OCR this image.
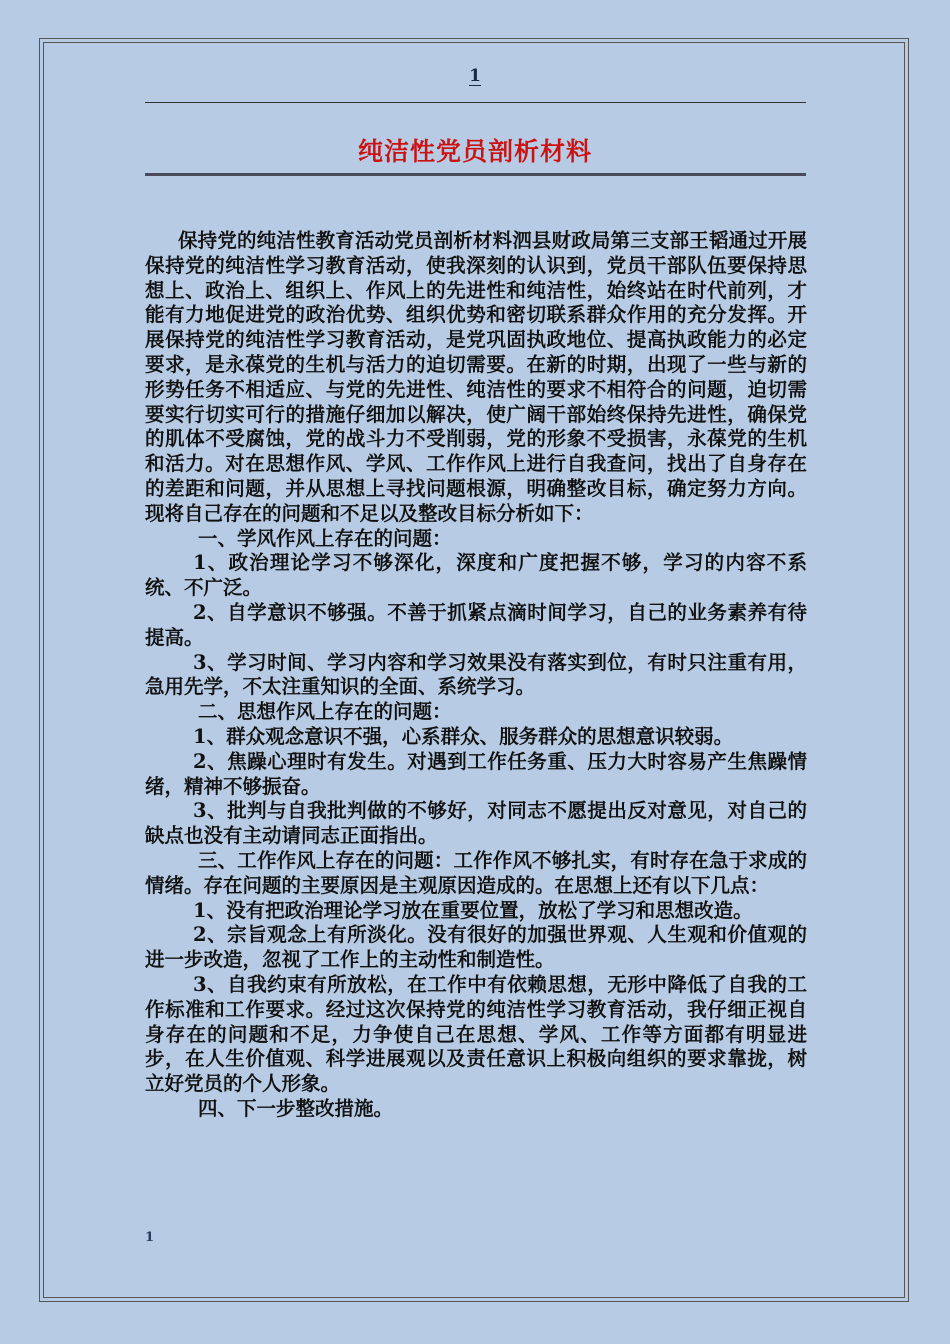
1
纯洁性党员剖析材料

保持党的纯洁性教育活动党员剖析材料泗县财政局第三支部王韬通过开展保持党的纯洁性学习教育活动，使我深刻的认识到，党员干部队伍要保持思想上、政治上、组织上、作风上的先进性和纯洁性，始终站在时代前列，才能有力地促进党的政治优势、组织优势和密切联系群众作用的充分发挥。开展保持党的纯洁性学习教育活动，是党巩固执政地位、提高执政能力的必定要求，是永葆党的生机与活力的迫切需要。在新的时期，出现了一些与新的形势任务不相适应、与党的先进性、纯洁性的要求不相符合的问题，迫切需要实行切实可行的措施仔细加以解决，使广阔干部始终保持先进性，确保党的肌体不受腐蚀，党的战斗力不受削弱，党的形象不受损害，永葆党的生机和活力。对在思想作风、学风、工作作风上进行自我查问，找出了自身存在的差距和问题，并从思想上寻找问题根源，明确整改目标，确定努力方向。 现将自己存在的问题和不足以及整改目标分析如下：

一、学风作风上存在的问题：

1、政治理论学习不够深化，深度和广度把握不够，学习的内容不系统、不广泛。

2、自学意识不够强。不善于抓紧点滴时间学习，自己的业务素养有待提高。

3、学习时间、学习内容和学习效果没有落实到位，有时只注重有用，急用先学，不太注重知识的全面、系统学习。

二、思想作风上存在的问题：

1、群众观念意识不强，心系群众、服务群众的思想意识较弱。

2、焦躁心理时有发生。对遇到工作任务重、压力大时容易产生焦躁情绪，精神不够振奋。

3、批判与自我批判做的不够好，对同志不愿提出反对意见，对自己的缺点也没有主动请同志正面指出。

三、工作作风上存在的问题：工作作风不够扎实，有时存在急于求成的情绪。存在问题的主要原因是主观原因造成的。在思想上还有以下几点：

1、没有把政治理论学习放在重要位置，放松了学习和思想改造。

2、宗旨观念上有所淡化。没有很好的加强世界观、人生观和价值观的进一步改造，忽视了工作上的主动性和制造性。

3、自我约束有所放松，在工作中有依赖思想，无形中降低了自我的工作标准和工作要求。经过这次保持党的纯洁性学习教育活动，我仔细正视自身存在的问题和不足，力争使自己在思想、学风、工作等方面都有明显进步，在人生价值观、科学进展观以及责任意识上积极向组织的要求靠拢，树立好党员的个人形象。

四、下一步整改措施。

1
